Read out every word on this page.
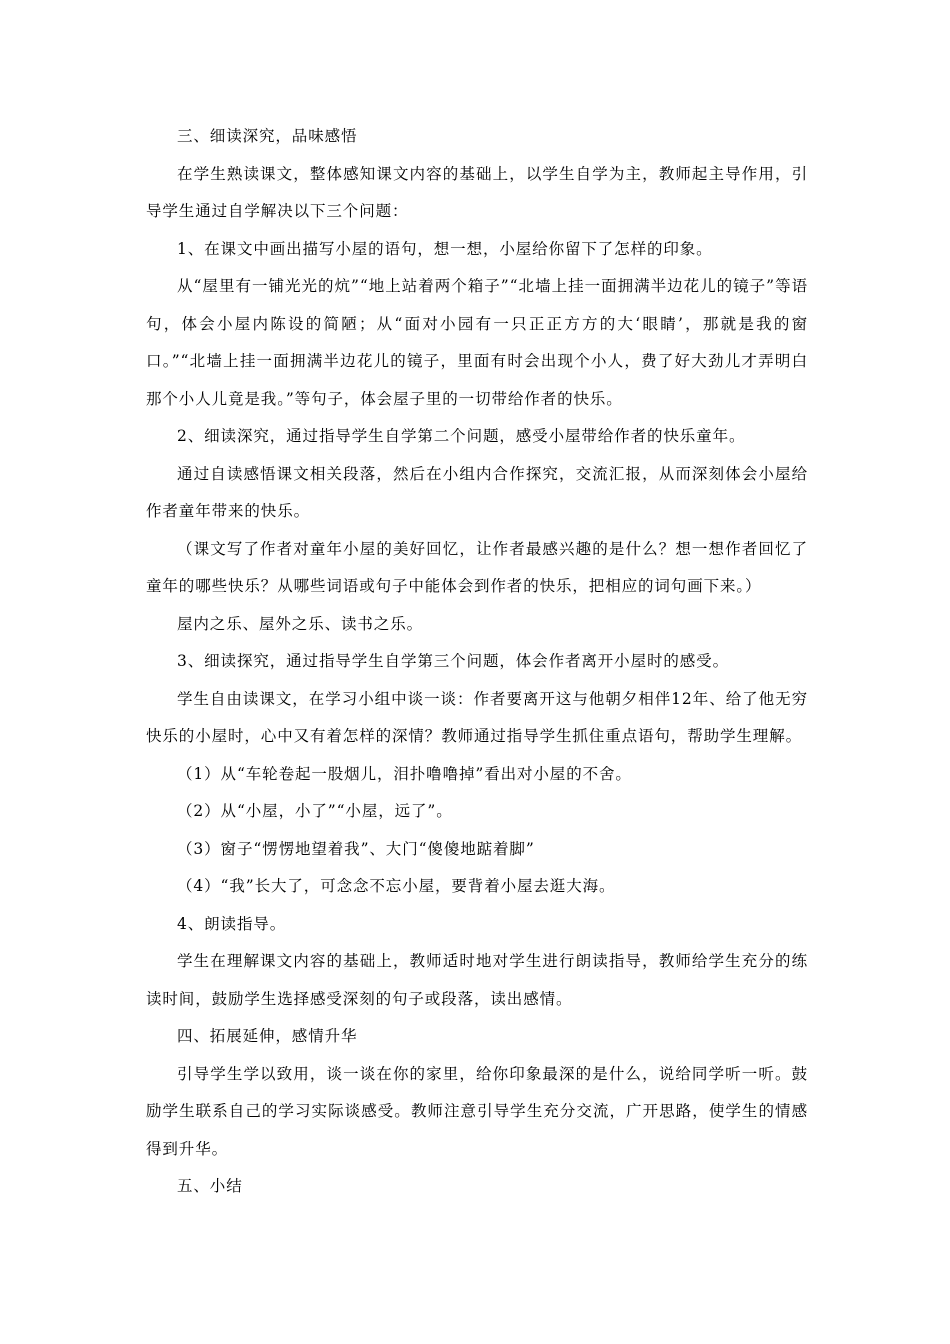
三、细读深究，品味感悟

在学生熟读课文，整体感知课文内容的基础上，以学生自学为主，教师起主导作用，引导学生通过自学解决以下三个问题：

1、在课文中画出描写小屋的语句，想一想，小屋给你留下了怎样的印象。

从“屋里有一铺光光的炕”“地上站着两个箱子”“北墙上挂一面拥满半边花儿的镜子”等语句，体会小屋内陈设的简陋；从“面对小园有一只正正方方的大‘眼睛’，那就是我的窗口。”“北墙上挂一面拥满半边花儿的镜子，里面有时会出现个小人，费了好大劲儿才弄明白那个小人儿竟是我。”等句子，体会屋子里的一切带给作者的快乐。

2、细读深究，通过指导学生自学第二个问题，感受小屋带给作者的快乐童年。

通过自读感悟课文相关段落，然后在小组内合作探究，交流汇报，从而深刻体会小屋给作者童年带来的快乐。

（课文写了作者对童年小屋的美好回忆，让作者最感兴趣的是什么？想一想作者回忆了童年的哪些快乐？从哪些词语或句子中能体会到作者的快乐，把相应的词句画下来。）

屋内之乐、屋外之乐、读书之乐。

3、细读探究，通过指导学生自学第三个问题，体会作者离开小屋时的感受。

学生自由读课文，在学习小组中谈一谈：作者要离开这与他朝夕相伴12年、给了他无穷快乐的小屋时，心中又有着怎样的深情？教师通过指导学生抓住重点语句，帮助学生理解。

（1）从“车轮卷起一股烟儿，泪扑噜噜掉”看出对小屋的不舍。

（2）从“小屋，小了”“小屋，远了”。

（3）窗子“愣愣地望着我”、大门“傻傻地踮着脚”

（4）“我”长大了，可念念不忘小屋，要背着小屋去逛大海。

4、朗读指导。

学生在理解课文内容的基础上，教师适时地对学生进行朗读指导，教师给学生充分的练读时间，鼓励学生选择感受深刻的句子或段落，读出感情。

四、拓展延伸，感情升华

引导学生学以致用，谈一谈在你的家里，给你印象最深的是什么，说给同学听一听。鼓励学生联系自己的学习实际谈感受。教师注意引导学生充分交流，广开思路，使学生的情感得到升华。

五、小结
